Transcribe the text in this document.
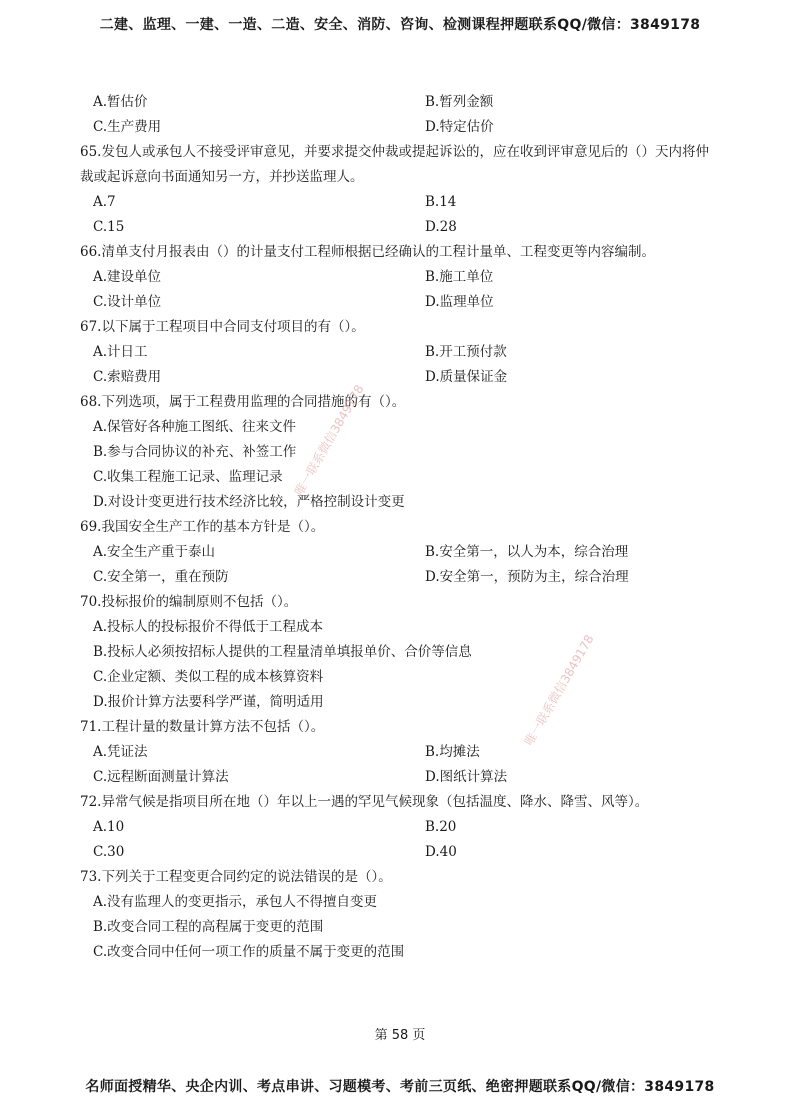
二建、监理、一建、一造、二造、安全、消防、咨询、检测课程押题联系QQ/微信：3849178
A.暂估价	B.暂列金额
C.生产费用	D.特定估价

65.发包人或承包人不接受评审意见，并要求提交仲裁或提起诉讼的，应在收到评审意见后的（）天内将仲
裁或起诉意向书面通知另一方，并抄送监理人。

A.7	B.14
C.15	D.28

66.清单支付月报表由（）的计量支付工程师根据已经确认的工程计量单、工程变更等内容编制。

A.建设单位	B.施工单位
C.设计单位	D.监理单位

67.以下属于工程项目中合同支付项目的有（）。

A.计日工	B.开工预付款
C.索赔费用	D.质量保证金

68.下列选项，属于工程费用监理的合同措施的有（）。

A.保管好各种施工图纸、往来文件
B.参与合同协议的补充、补签工作
C.收集工程施工记录、监理记录
D.对设计变更进行技术经济比较，严格控制设计变更

69.我国安全生产工作的基本方针是（）。

A.安全生产重于泰山	B.安全第一，以人为本，综合治理
C.安全第一，重在预防	D.安全第一，预防为主，综合治理

70.投标报价的编制原则不包括（）。

A.投标人的投标报价不得低于工程成本
B.投标人必须按招标人提供的工程量清单填报单价、合价等信息
C.企业定额、类似工程的成本核算资料
D.报价计算方法要科学严谨，简明适用

71.工程计量的数量计算方法不包括（）。

A.凭证法	B.均摊法
C.远程断面测量计算法	D.图纸计算法

72.异常气候是指项目所在地（）年以上一遇的罕见气候现象（包括温度、降水、降雪、风等）。

A.10	B.20
C.30	D.40

73.下列关于工程变更合同约定的说法错误的是（）。

A.没有监理人的变更指示，承包人不得擅自变更
B.改变合同工程的高程属于变更的范围
C.改变合同中任何一项工作的质量不属于变更的范围
唯一联系微信3849178
唯一联系微信3849178
第 58 页
名师面授精华、央企内训、考点串讲、习题模考、考前三页纸、绝密押题联系QQ/微信：3849178
